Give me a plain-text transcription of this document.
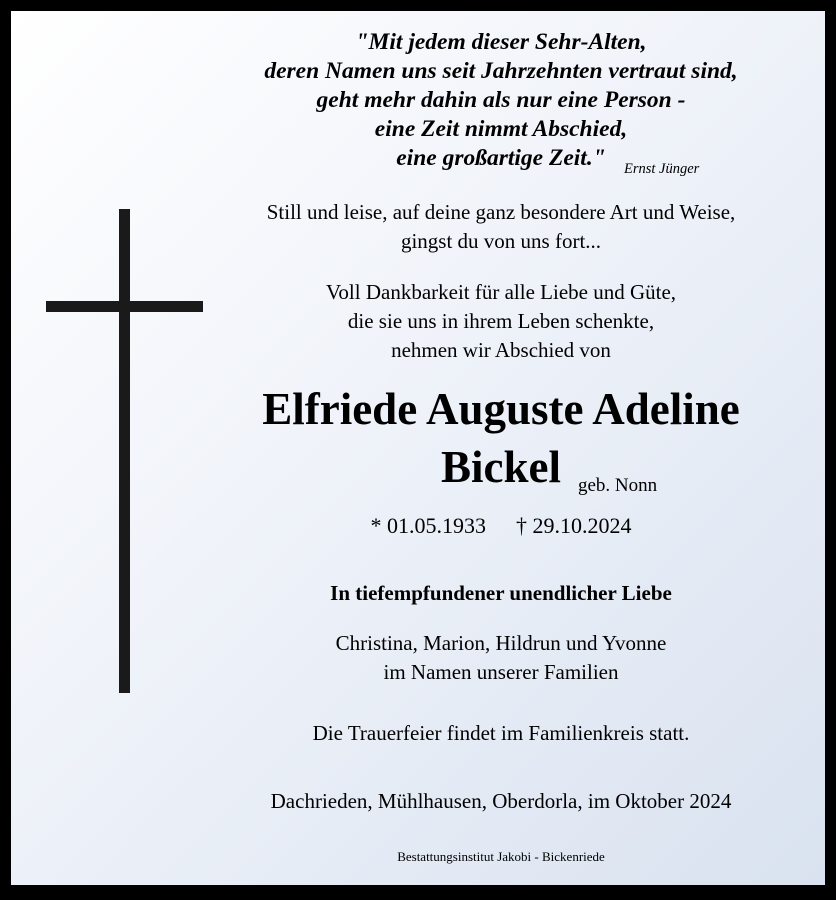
"Mit jedem dieser Sehr-Alten,
deren Namen uns seit Jahrzehnten vertraut sind,
geht mehr dahin als nur eine Person -
eine Zeit nimmt Abschied,
eine großartige Zeit."	Ernst Jünger
Still und leise, auf deine ganz besondere Art und Weise,
gingst du von uns fort...
Voll Dankbarkeit für alle Liebe und Güte,
die sie uns in ihrem Leben schenkte,
nehmen wir Abschied von
Elfriede Auguste Adeline
Bickel geb. Nonn
* 01.05.1933 † 29.10.2024
In tiefempfundener unendlicher Liebe
Christina, Marion, Hildrun und Yvonne
im Namen unserer Familien
Die Trauerfeier findet im Familienkreis statt.
Dachrieden, Mühlhausen, Oberdorla, im Oktober 2024
Bestattungsinstitut Jakobi - Bickenriede
